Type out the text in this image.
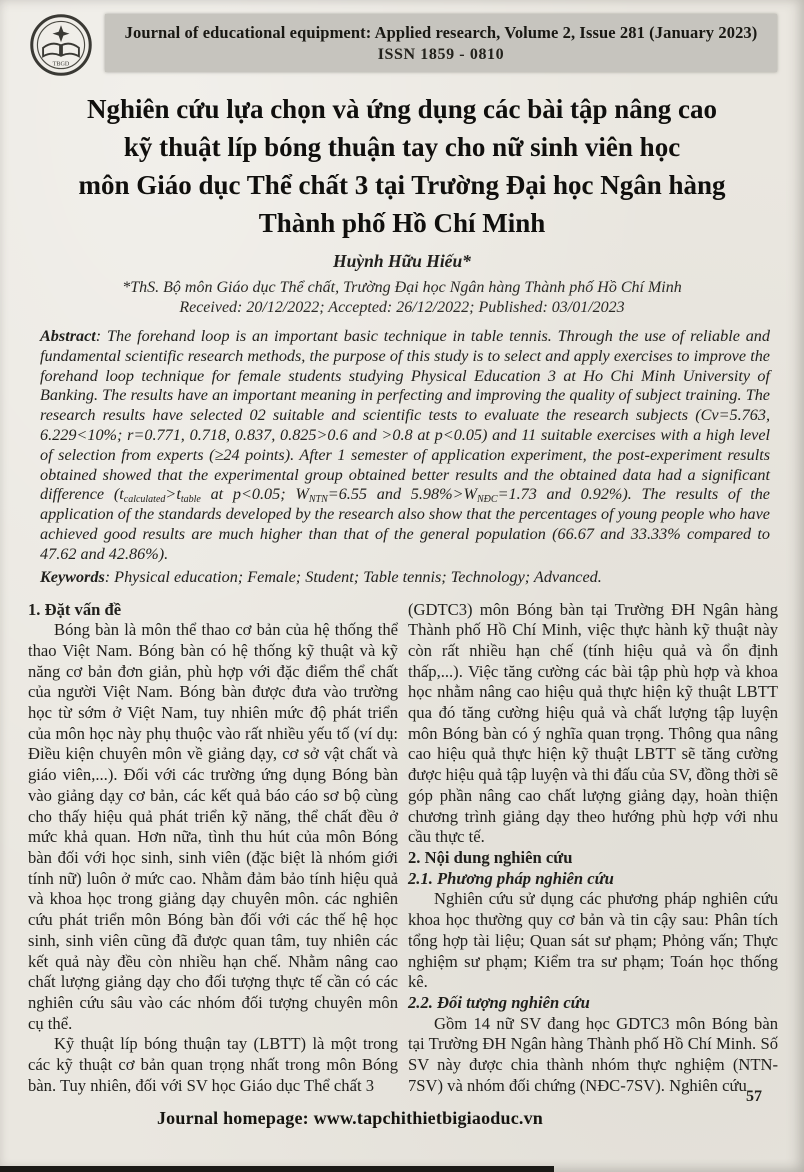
TBGD
Journal of educational equipment: Applied research, Volume 2, Issue 281 (January 2023)
ISSN 1859 - 0810
Nghiên cứu lựa chọn và ứng dụng các bài tập nâng cao
kỹ thuật líp bóng thuận tay cho nữ sinh viên học
môn Giáo dục Thể chất 3 tại Trường Đại học Ngân hàng
Thành phố Hồ Chí Minh
Huỳnh Hữu Hiếu*
*ThS. Bộ môn Giáo dục Thể chất, Trường Đại học Ngân hàng Thành phố Hồ Chí Minh
Received: 20/12/2022; Accepted: 26/12/2022; Published: 03/01/2023
Abstract: The forehand loop is an important basic technique in table tennis. Through the use of reliable and fundamental scientific research methods, the purpose of this study is to select and apply exercises to improve the forehand loop technique for female students studying Physical Education 3 at Ho Chi Minh University of Banking. The results have an important meaning in perfecting and improving the quality of subject training. The research results have selected 02 suitable and scientific tests to evaluate the research subjects (Cv=5.763, 6.229<10%; r=0.771, 0.718, 0.837, 0.825>0.6 and >0.8 at p<0.05) and 11 suitable exercises with a high level of selection from experts (≥24 points). After 1 semester of application experiment, the post-experiment results obtained showed that the experimental group obtained better results and the obtained data had a significant difference ($t_{calculated}>t_{table}$ at p<0.05; $W_{NTN}=6.55$ and $5.98\%>W_{NĐC}=1.73$ and 0.92%). The results of the application of the standards developed by the research also show that the percentages of young people who have achieved good results are much higher than that of the general population (66.67 and 33.33% compared to 47.62 and 42.86%).
Keywords: Physical education; Female; Student; Table tennis; Technology; Advanced.
1. Đặt vấn đề
Bóng bàn là môn thể thao cơ bản của hệ thống thể thao Việt Nam. Bóng bàn có hệ thống kỹ thuật và kỹ năng cơ bản đơn giản, phù hợp với đặc điểm thể chất của người Việt Nam. Bóng bàn được đưa vào trường học từ sớm ở Việt Nam, tuy nhiên mức độ phát triển của môn học này phụ thuộc vào rất nhiều yếu tố (ví dụ: Điều kiện chuyên môn về giảng dạy, cơ sở vật chất và giáo viên,...). Đối với các trường ứng dụng Bóng bàn vào giảng dạy cơ bản, các kết quả báo cáo sơ bộ cùng cho thấy hiệu quả phát triển kỹ năng, thể chất đều ở mức khả quan. Hơn nữa, tình thu hút của môn Bóng bàn đối với học sinh, sinh viên (đặc biệt là nhóm giới tính nữ) luôn ở mức cao. Nhằm đảm bảo tính hiệu quả và khoa học trong giảng dạy chuyên môn. các nghiên cứu phát triển môn Bóng bàn đối với các thế hệ học sinh, sinh viên cũng đã được quan tâm, tuy nhiên các kết quả này đều còn nhiều hạn chế. Nhằm nâng cao chất lượng giảng dạy cho đối tượng thực tế cần có các nghiên cứu sâu vào các nhóm đối tượng chuyên môn cụ thể.
Kỹ thuật líp bóng thuận tay (LBTT) là một trong các kỹ thuật cơ bản quan trọng nhất trong môn Bóng bàn. Tuy nhiên, đối với SV học Giáo dục Thể chất 3
(GDTC3) môn Bóng bàn tại Trường ĐH Ngân hàng Thành phố Hồ Chí Minh, việc thực hành kỹ thuật này còn rất nhiều hạn chế (tính hiệu quả và ổn định thấp,...). Việc tăng cường các bài tập phù hợp và khoa học nhằm nâng cao hiệu quả thực hiện kỹ thuật LBTT qua đó tăng cường hiệu quả và chất lượng tập luyện môn Bóng bàn có ý nghĩa quan trọng. Thông qua nâng cao hiệu quả thực hiện kỹ thuật LBTT sẽ tăng cường được hiệu quả tập luyện và thi đấu của SV, đồng thời sẽ góp phần nâng cao chất lượng giảng dạy, hoàn thiện chương trình giảng dạy theo hướng phù hợp với nhu cầu thực tế.
2. Nội dung nghiên cứu
2.1. Phương pháp nghiên cứu
Nghiên cứu sử dụng các phương pháp nghiên cứu khoa học thường quy cơ bản và tin cậy sau: Phân tích tổng hợp tài liệu; Quan sát sư phạm; Phỏng vấn; Thực nghiệm sư phạm; Kiểm tra sư phạm; Toán học thống kê.
2.2. Đối tượng nghiên cứu
Gồm 14 nữ SV đang học GDTC3 môn Bóng bàn tại Trường ĐH Ngân hàng Thành phố Hồ Chí Minh. Số SV này được chia thành nhóm thực nghiệm (NTN-7SV) và nhóm đối chứng (NĐC-7SV). Nghiên cứu
Journal homepage: www.tapchithietbigiaoduc.vn
57
